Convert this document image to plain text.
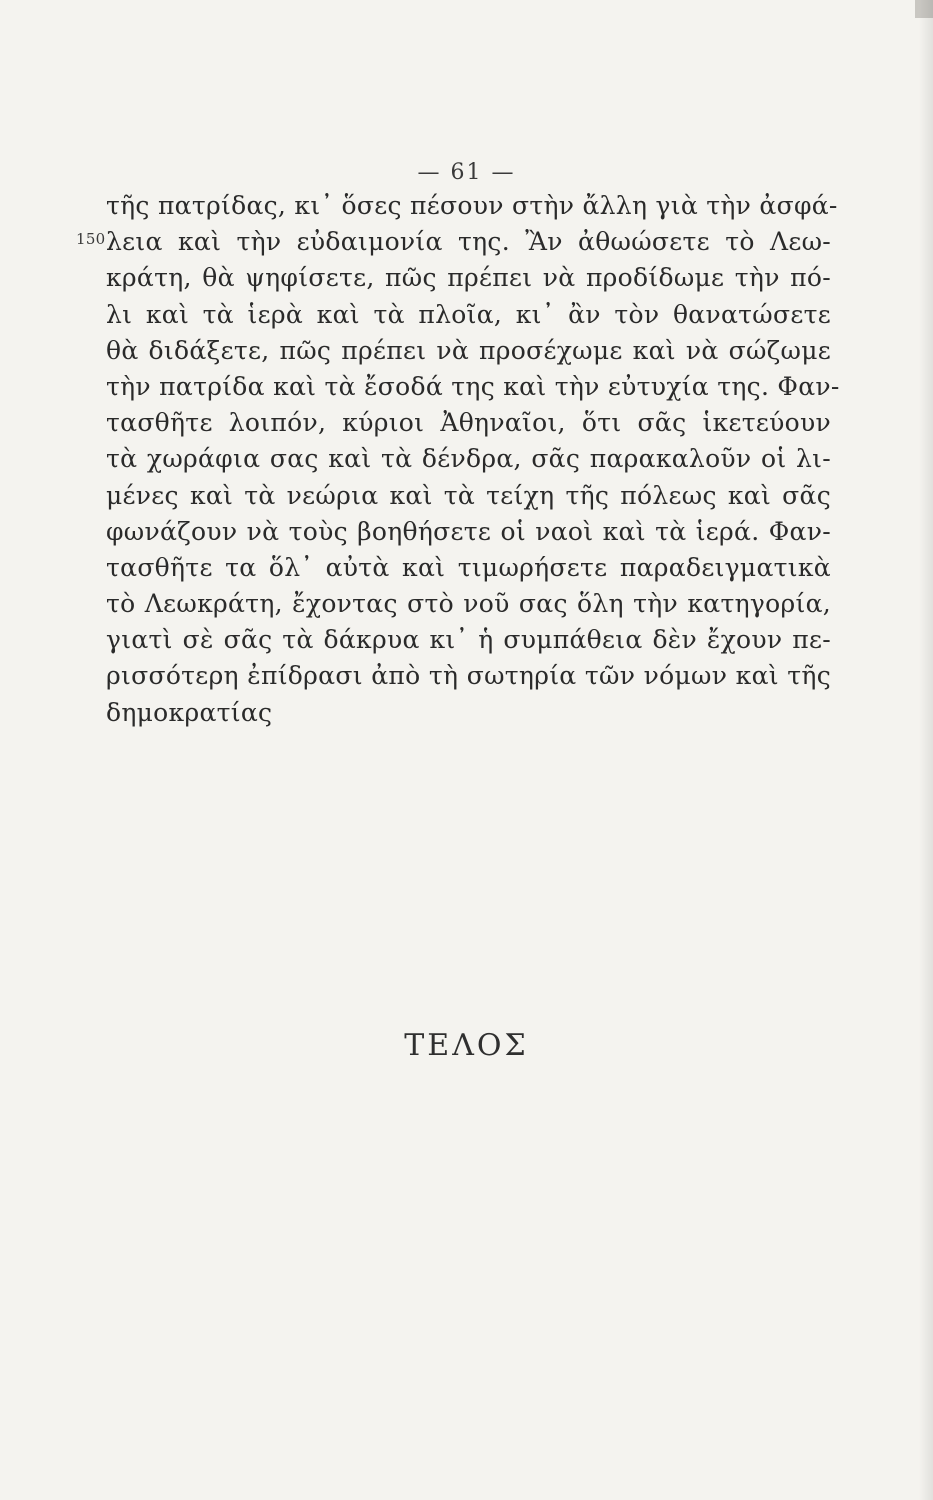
— 61 —
τῆς πατρίδας, κι᾿ ὅσες πέσουν στὴν ἄλλη γιὰ τὴν ἀσφά-
150 λεια καὶ τὴν εὐδαιμονία της. Ἂν ἀθωώσετε τὸ Λεω-
κράτη, θὰ ψηφίσετε, πῶς πρέπει νὰ προδίδωμε τὴν πό-
λι καὶ τὰ ἱερὰ καὶ τὰ πλοῖα, κι᾿ ἂν τὸν θανατώσετε
θὰ διδάξετε, πῶς πρέπει νὰ προσέχωμε καὶ νὰ σώζωμε
τὴν πατρίδα καὶ τὰ ἔσοδά της καὶ τὴν εὐτυχία της. Φαν-
τασθῆτε λοιπόν, κύριοι Ἀθηναῖοι, ὅτι σᾶς ἱκετεύουν
τὰ χωράφια σας καὶ τὰ δένδρα, σᾶς παρακαλοῦν οἱ λι-
μένες καὶ τὰ νεώρια καὶ τὰ τείχη τῆς πόλεως καὶ σᾶς
φωνάζουν νὰ τοὺς βοηθήσετε οἱ ναοὶ καὶ τὰ ἱερά. Φαν-
τασθῆτε τα ὅλ᾿ αὐτὰ καὶ τιμωρήσετε παραδειγματικὰ
τὸ Λεωκράτη, ἔχοντας στὸ νοῦ σας ὅλη τὴν κατηγορία,
γιατὶ σὲ σᾶς τὰ δάκρυα κι᾿ ἡ συμπάθεια δὲν ἔχουν πε-
ρισσότερη ἐπίδρασι ἀπὸ τὴ σωτηρία τῶν νόμων καὶ τῆς
δημοκρατίας
ΤΕΛΟΣ
